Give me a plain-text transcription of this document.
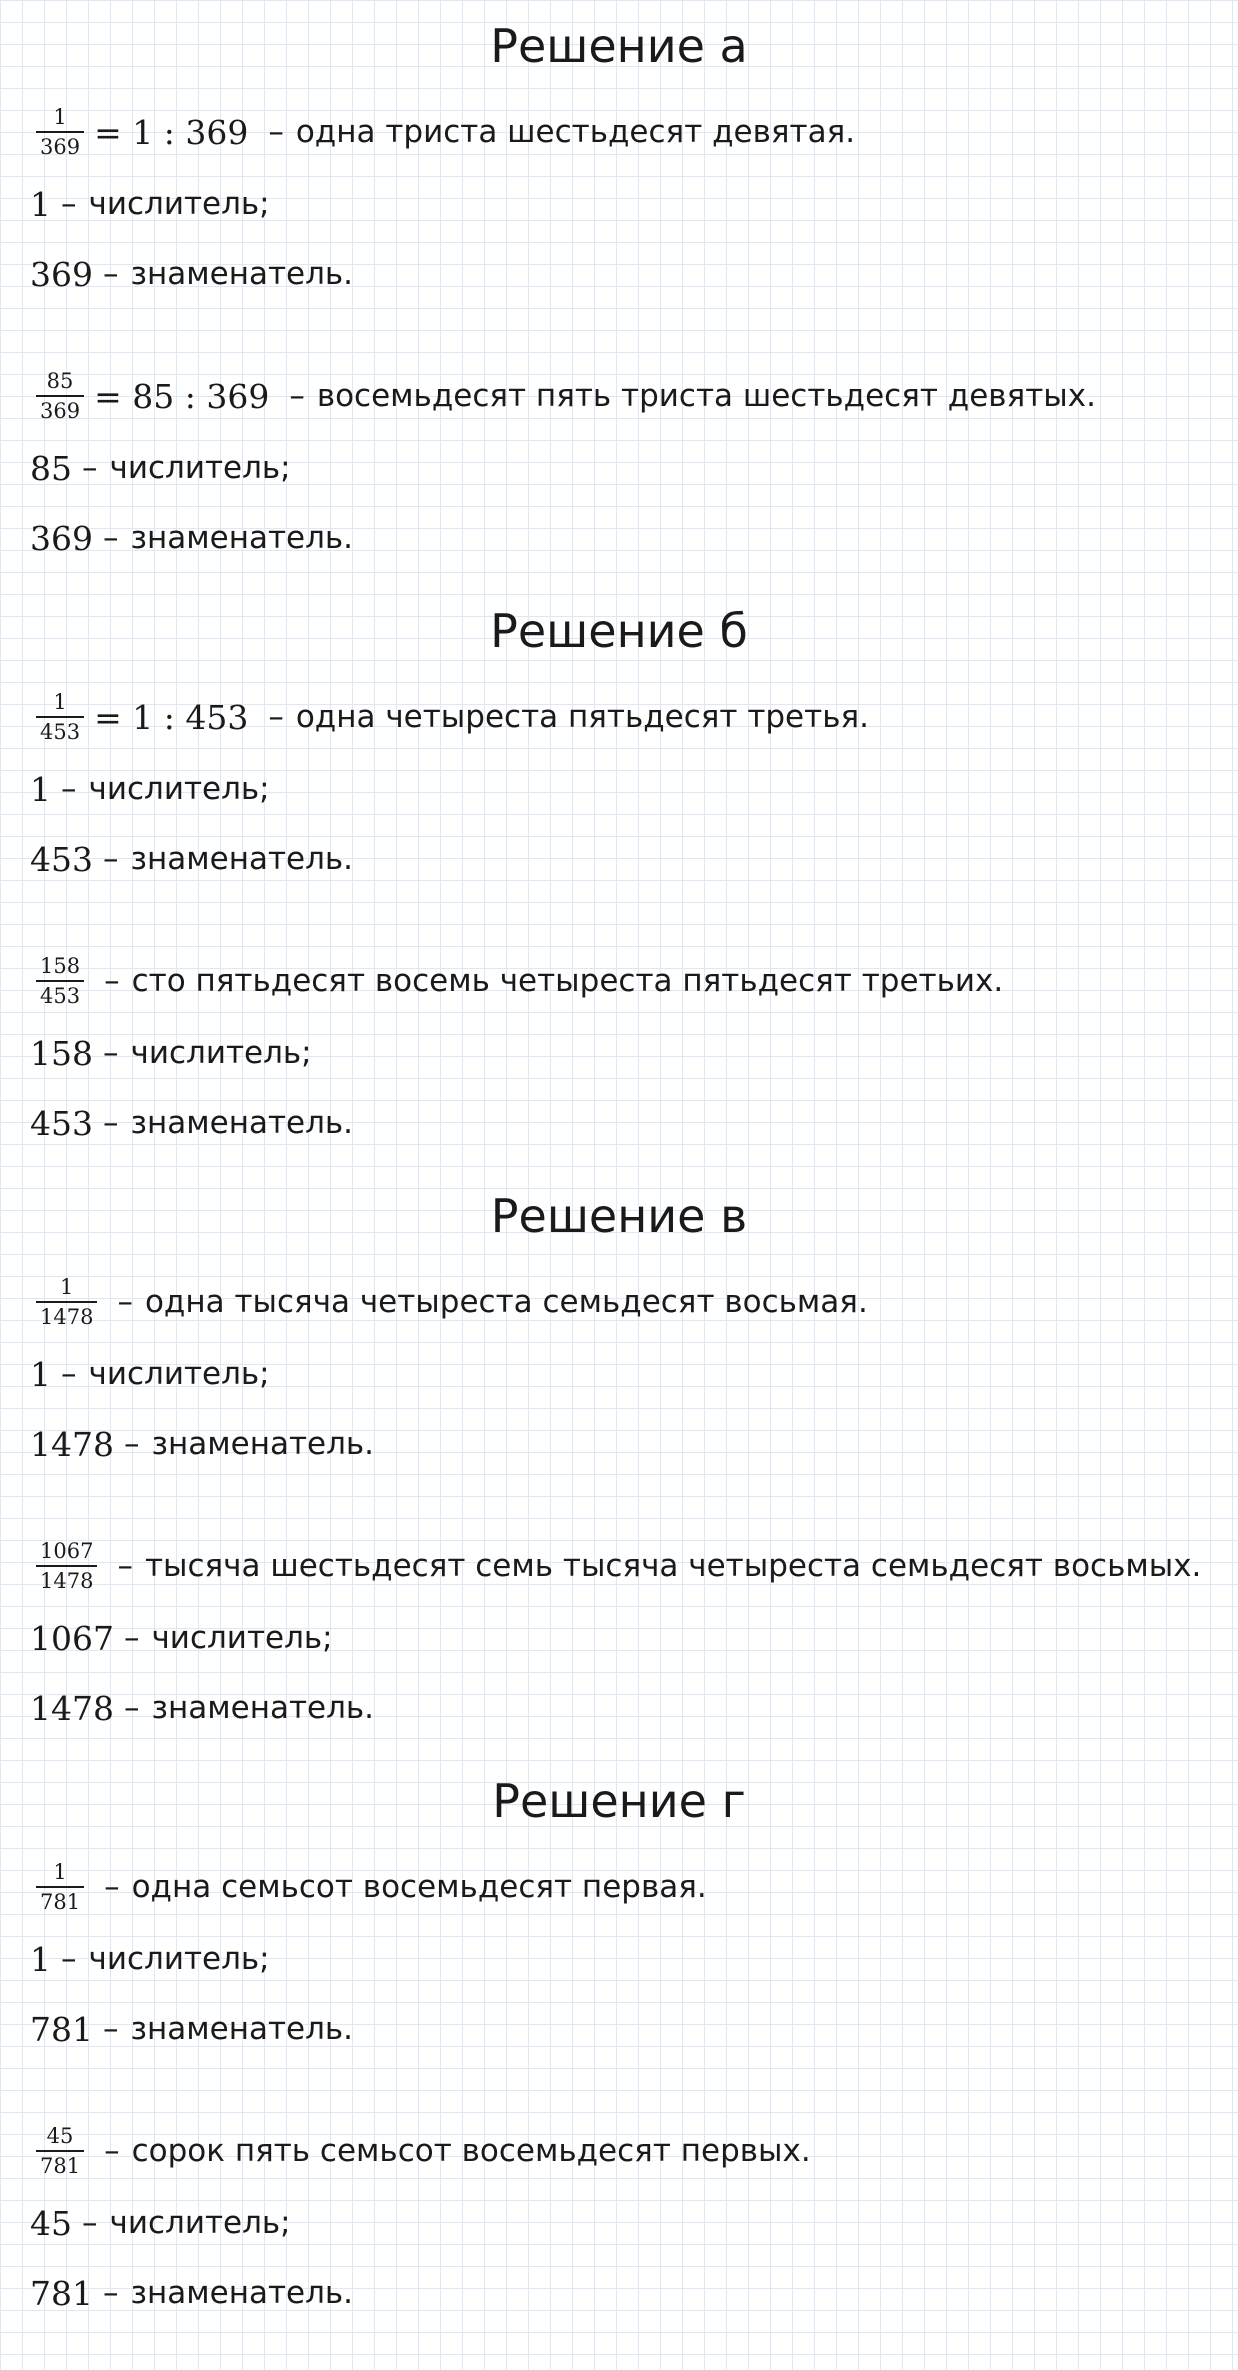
Решение а
$\frac{1}{369} = 1$ : 369 – одна триста шестьдесят девятая.
1 – числитель;
369 – знаменатель.
$\frac{85}{369} = 85$ : 369 – восемьдесят пять триста шестьдесят девятых.
85 – числитель;
369 – знаменатель.
Решение б
$\frac{1}{453} = 1$ : 453 – одна четыреста пятьдесят третья.
1 – числитель;
453 – знаменатель.
$\frac{158}{453}$ – сто пятьдесят восемь четыреста пятьдесят третьих.
158 – числитель;
453 – знаменатель.
Решение в
$\frac{1}{1478}$ – одна тысяча четыреста семьдесят восьмая.
1 – числитель;
1478 – знаменатель.
$\frac{1067}{1478}$ – тысяча шестьдесят семь тысяча четыреста семьдесят восьмых.
1067 – числитель;
1478 – знаменатель.
Решение г
$\frac{1}{781}$ – одна семьсот восемьдесят первая.
1 – числитель;
781 – знаменатель.
$\frac{45}{781}$ – сорок пять семьсот восемьдесят первых.
45 – числитель;
781 – знаменатель.
